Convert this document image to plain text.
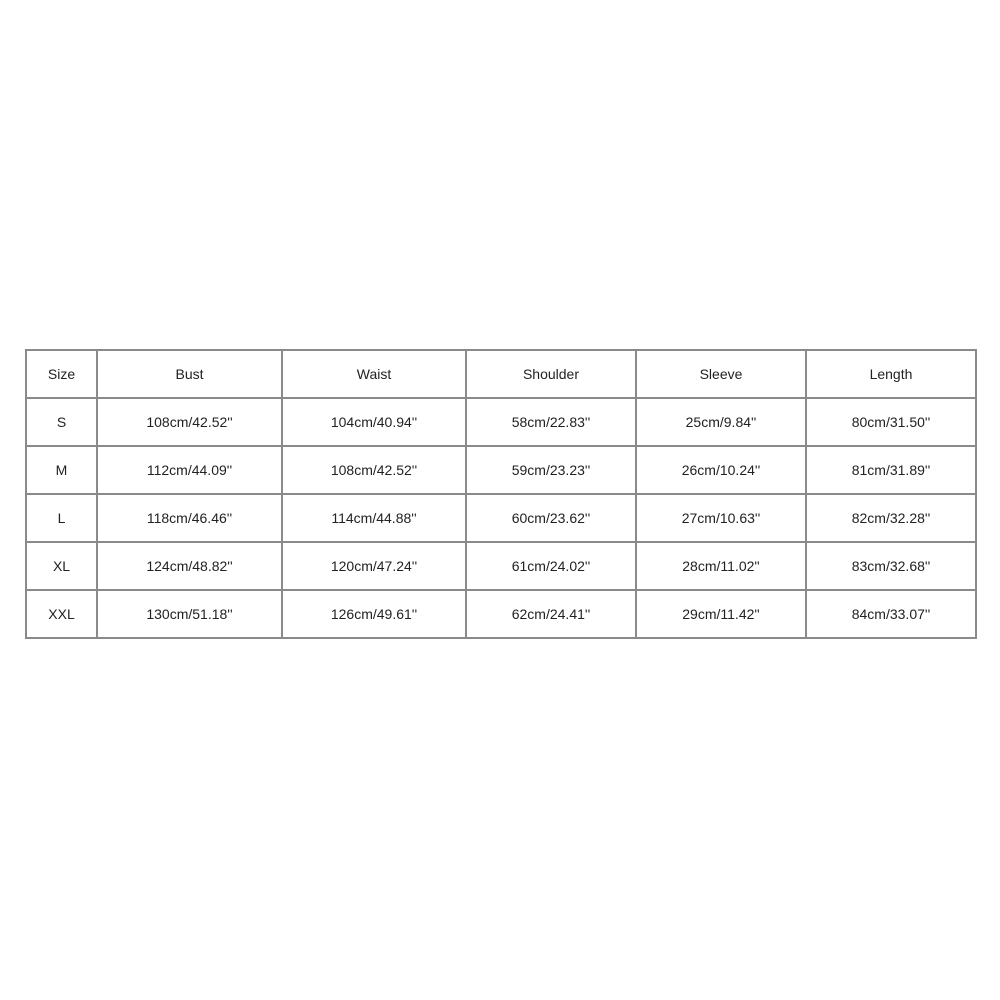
Size	Bust	Waist	Shoulder	Sleeve	Length
S	108cm/42.52''	104cm/40.94''	58cm/22.83''	25cm/9.84''	80cm/31.50''
M	112cm/44.09''	108cm/42.52''	59cm/23.23''	26cm/10.24''	81cm/31.89''
L	118cm/46.46''	114cm/44.88''	60cm/23.62''	27cm/10.63''	82cm/32.28''
XL	124cm/48.82''	120cm/47.24''	61cm/24.02''	28cm/11.02''	83cm/32.68''
XXL	130cm/51.18''	126cm/49.61''	62cm/24.41''	29cm/11.42''	84cm/33.07''
